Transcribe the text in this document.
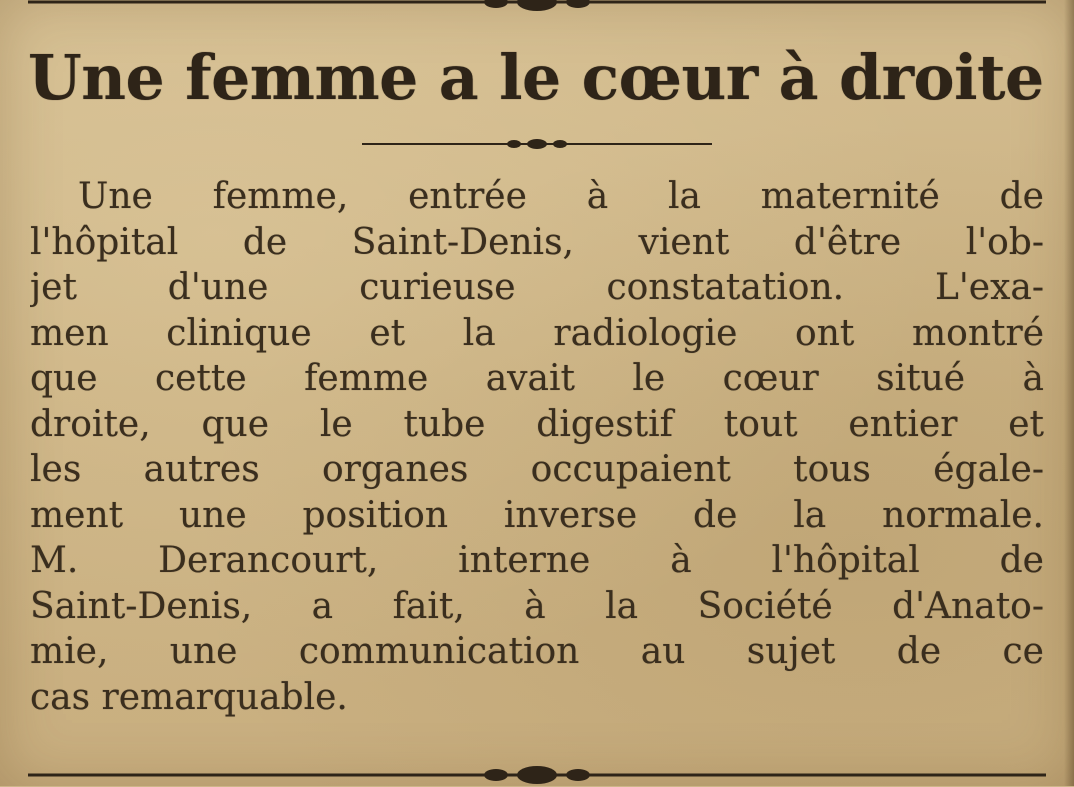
Une femme a le cœur à droite
Une femme, entrée à la maternité de
l'hôpital de Saint-Denis, vient d'être l'ob-
jet d'une curieuse constatation. L'exa-
men clinique et la radiologie ont montré
que cette femme avait le cœur situé à
droite, que le tube digestif tout entier et
les autres organes occupaient tous égale-
ment une position inverse de la normale.
M. Derancourt, interne à l'hôpital de
Saint-Denis, a fait, à la Société d'Anato-
mie, une communication au sujet de ce
cas remarquable.
